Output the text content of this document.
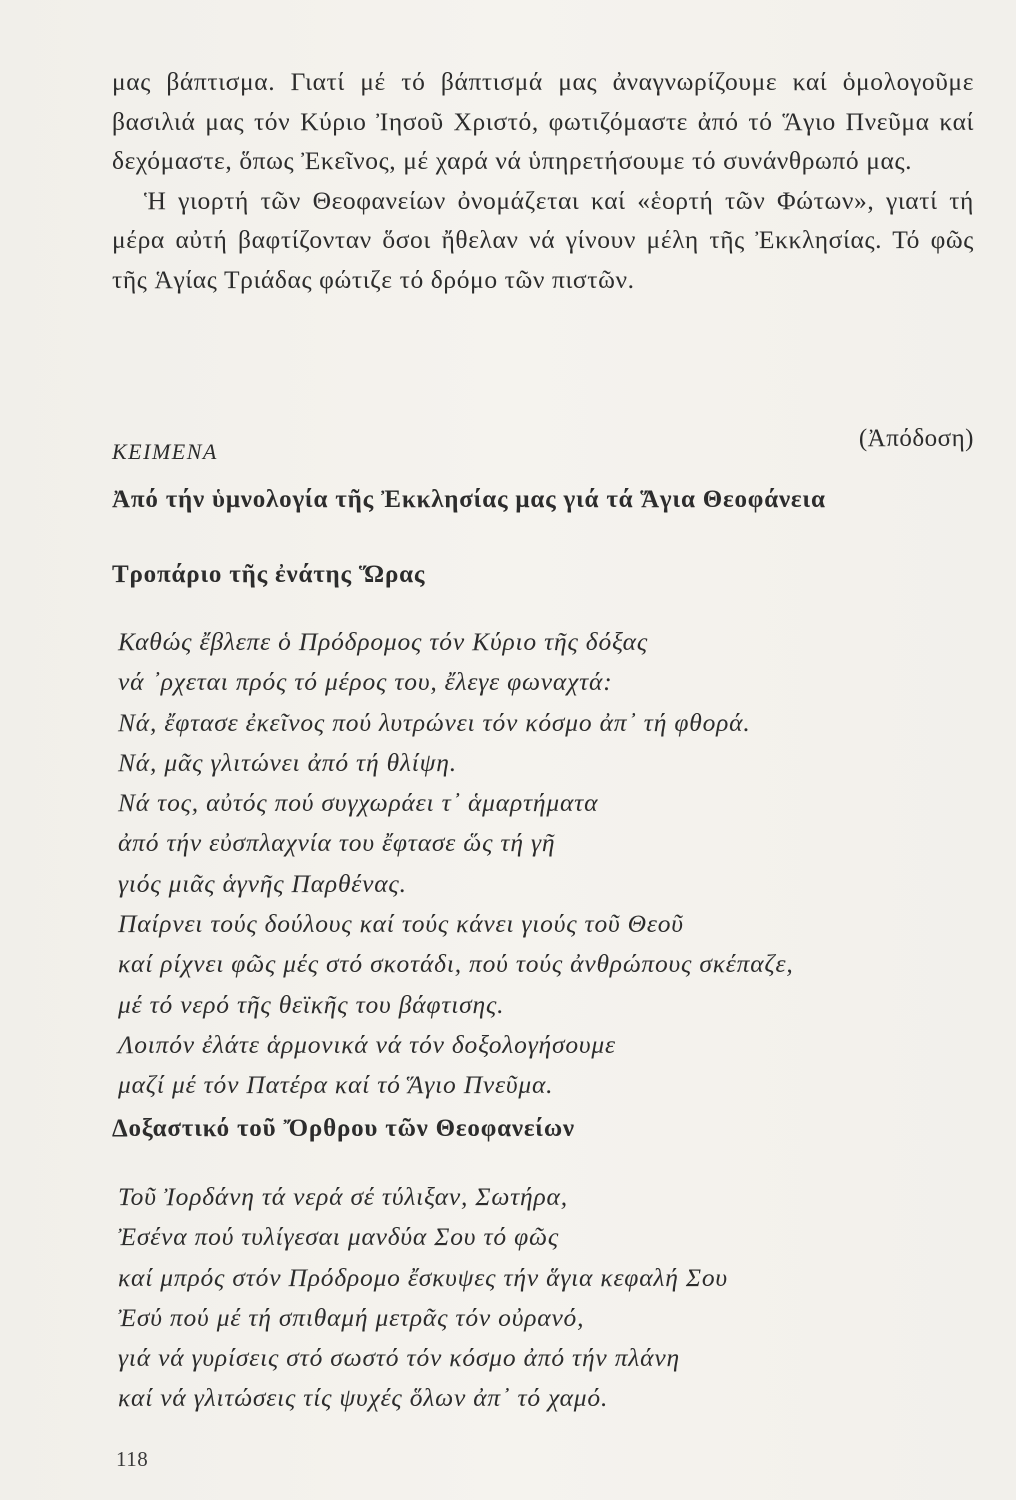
μας βάπτισμα. Γιατί μέ τό βάπτισμά μας ἀναγνωρίζουμε καί ὁμολογοῦμε βασιλιά μας τόν Κύριο Ἰησοῦ Χριστό, φωτιζόμαστε ἀπό τό Ἅγιο Πνεῦμα καί δεχόμαστε, ὅπως Ἐκεῖνος, μέ χαρά νά ὑπηρετήσουμε τό συνάνθρωπό μας.

Ἡ γιορτή τῶν Θεοφανείων ὀνομάζεται καί «ἑορτή τῶν Φώτων», γιατί τή μέρα αὐτή βαφτίζονταν ὅσοι ἤθελαν νά γίνουν μέλη τῆς Ἐκκλησίας. Τό φῶς τῆς Ἁγίας Τριάδας φώτιζε τό δρόμο τῶν πιστῶν.

ΚΕΙΜΕΝΑ	(Ἀπόδοση)
Ἀπό τήν ὑμνολογία τῆς Ἐκκλησίας μας γιά τά Ἅγια Θεοφάνεια
Τροπάριο τῆς ἐνάτης Ὥρας
Καθώς ἔβλεπε ὁ Πρόδρομος τόν Κύριο τῆς δόξας
νά ᾽ρχεται πρός τό μέρος του, ἔλεγε φωναχτά:
Νά, ἔφτασε ἐκεῖνος πού λυτρώνει τόν κόσμο ἀπ᾽ τή φθορά.
Νά, μᾶς γλιτώνει ἀπό τή θλίψη.
Νά τος, αὐτός πού συγχωράει τ᾽ ἁμαρτήματα
ἀπό τήν εὐσπλαχνία του ἔφτασε ὥς τή γῆ
γιός μιᾶς ἁγνῆς Παρθένας.
Παίρνει τούς δούλους καί τούς κάνει γιούς τοῦ Θεοῦ
καί ρίχνει φῶς μές στό σκοτάδι, πού τούς ἀνθρώπους σκέπαζε,
μέ τό νερό τῆς θεϊκῆς του βάφτισης.
Λοιπόν ἐλάτε ἁρμονικά νά τόν δοξολογήσουμε
μαζί μέ τόν Πατέρα καί τό Ἅγιο Πνεῦμα.
Δοξαστικό τοῦ Ὄρθρου τῶν Θεοφανείων
Τοῦ Ἰορδάνη τά νερά σέ τύλιξαν, Σωτήρα,
Ἐσένα πού τυλίγεσαι μανδύα Σου τό φῶς
καί μπρός στόν Πρόδρομο ἔσκυψες τήν ἅγια κεφαλή Σου
Ἐσύ πού μέ τή σπιθαμή μετρᾶς τόν οὐρανό,
γιά νά γυρίσεις στό σωστό τόν κόσμο ἀπό τήν πλάνη
καί νά γλιτώσεις τίς ψυχές ὅλων ἀπ᾽ τό χαμό.
118
